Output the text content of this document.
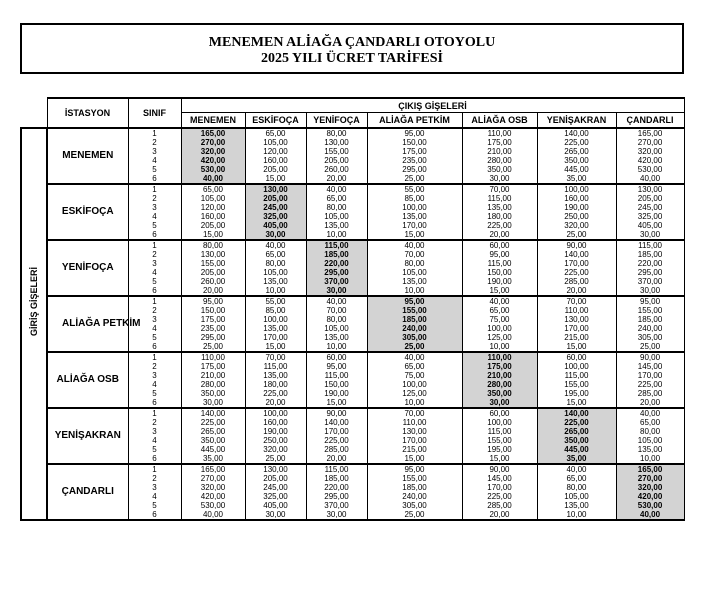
MENEMEN ALİAĞA ÇANDARLI OTOYOLU
2025 YILI ÜCRET TARİFESİ
	İSTASYON	SINIF	ÇIKIŞ GİŞELERİ						
			MENEMEN	ESKİFOÇA	YENİFOÇA	ALİAĞA PETKİM	ALİAĞA OSB	YENİŞAKRAN	ÇANDARLI

GİRİŞ GİŞELERİ	MENEMEN	1	165,00	65,00	80,00	95,00	110,00	140,00	165,00
		2	270,00	105,00	130,00	150,00	175,00	225,00	270,00
		3	320,00	120,00	155,00	175,00	210,00	265,00	320,00
		4	420,00	160,00	205,00	235,00	280,00	350,00	420,00
		5	530,00	205,00	260,00	295,00	350,00	445,00	530,00
		6	40,00	15,00	20,00	25,00	30,00	35,00	40,00
	ESKİFOÇA	1	65,00	130,00	40,00	55,00	70,00	100,00	130,00
		2	105,00	205,00	65,00	85,00	115,00	160,00	205,00
		3	120,00	245,00	80,00	100,00	135,00	190,00	245,00
		4	160,00	325,00	105,00	135,00	180,00	250,00	325,00
		5	205,00	405,00	135,00	170,00	225,00	320,00	405,00
		6	15,00	30,00	10,00	15,00	20,00	25,00	30,00
	YENİFOÇA	1	80,00	40,00	115,00	40,00	60,00	90,00	115,00
		2	130,00	65,00	185,00	70,00	95,00	140,00	185,00
		3	155,00	80,00	220,00	80,00	115,00	170,00	220,00
		4	205,00	105,00	295,00	105,00	150,00	225,00	295,00
		5	260,00	135,00	370,00	135,00	190,00	285,00	370,00
		6	20,00	10,00	30,00	10,00	15,00	20,00	30,00
	ALİAĞA PETKİM	1	95,00	55,00	40,00	95,00	40,00	70,00	95,00
		2	150,00	85,00	70,00	155,00	65,00	110,00	155,00
		3	175,00	100,00	80,00	185,00	75,00	130,00	185,00
		4	235,00	135,00	105,00	240,00	100,00	170,00	240,00
		5	295,00	170,00	135,00	305,00	125,00	215,00	305,00
		6	25,00	15,00	10,00	25,00	10,00	15,00	25,00
	ALİAĞA OSB	1	110,00	70,00	60,00	40,00	110,00	60,00	90,00
		2	175,00	115,00	95,00	65,00	175,00	100,00	145,00
		3	210,00	135,00	115,00	75,00	210,00	115,00	170,00
		4	280,00	180,00	150,00	100,00	280,00	155,00	225,00
		5	350,00	225,00	190,00	125,00	350,00	195,00	285,00
		6	30,00	20,00	15,00	10,00	30,00	15,00	20,00
	YENİŞAKRAN	1	140,00	100,00	90,00	70,00	60,00	140,00	40,00
		2	225,00	160,00	140,00	110,00	100,00	225,00	65,00
		3	265,00	190,00	170,00	130,00	115,00	265,00	80,00
		4	350,00	250,00	225,00	170,00	155,00	350,00	105,00
		5	445,00	320,00	285,00	215,00	195,00	445,00	135,00
		6	35,00	25,00	20,00	15,00	15,00	35,00	10,00
	ÇANDARLI	1	165,00	130,00	115,00	95,00	90,00	40,00	165,00
		2	270,00	205,00	185,00	155,00	145,00	65,00	270,00
		3	320,00	245,00	220,00	185,00	170,00	80,00	320,00
		4	420,00	325,00	295,00	240,00	225,00	105,00	420,00
		5	530,00	405,00	370,00	305,00	285,00	135,00	530,00
		6	40,00	30,00	30,00	25,00	20,00	10,00	40,00
